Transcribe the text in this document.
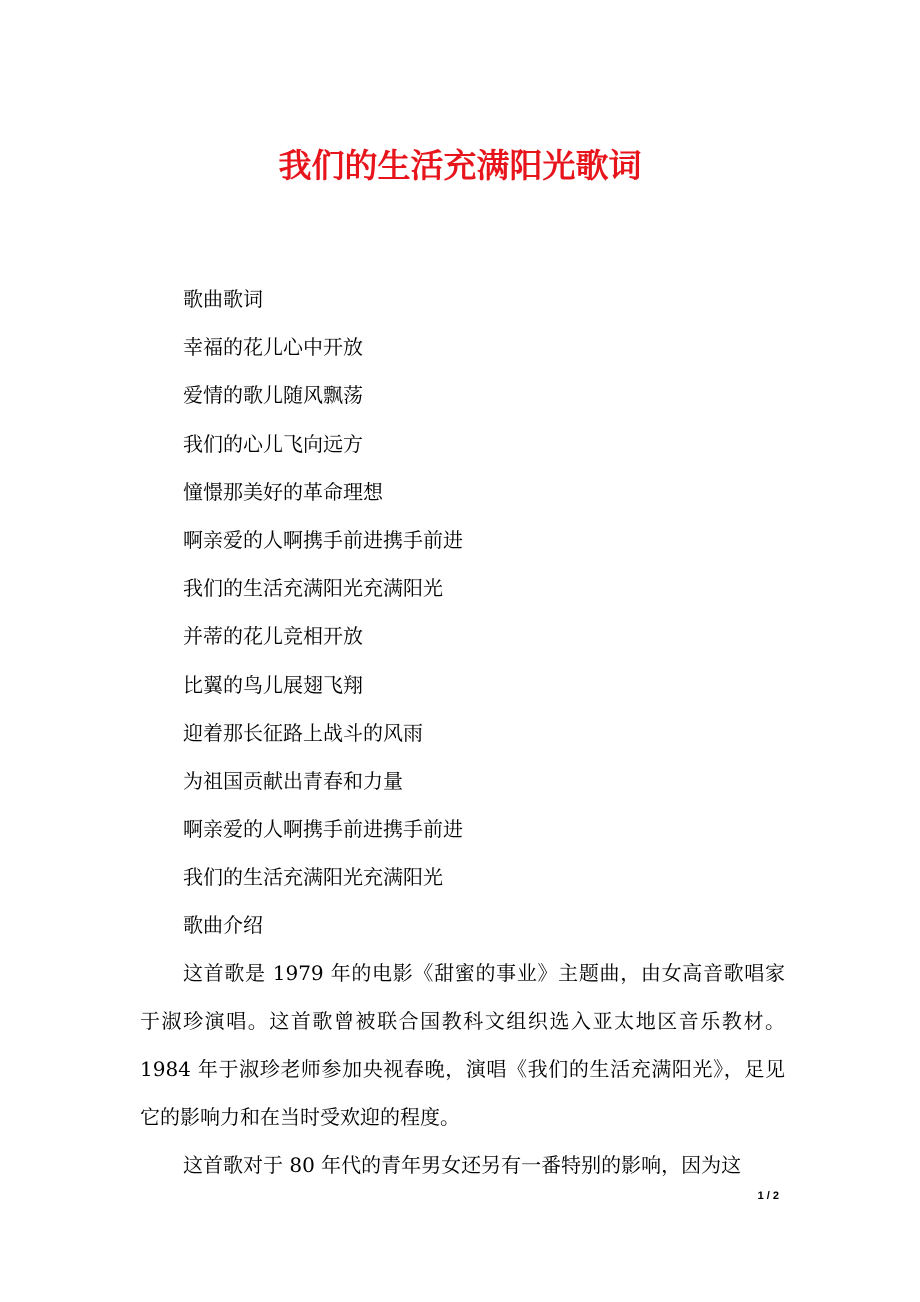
我们的生活充满阳光歌词
歌曲歌词
幸福的花儿心中开放
爱情的歌儿随风飘荡
我们的心儿飞向远方
憧憬那美好的革命理想
啊亲爱的人啊携手前进携手前进
我们的生活充满阳光充满阳光
并蒂的花儿竞相开放
比翼的鸟儿展翅飞翔
迎着那长征路上战斗的风雨
为祖国贡献出青春和力量
啊亲爱的人啊携手前进携手前进
我们的生活充满阳光充满阳光
歌曲介绍

这首歌是 1979 年的电影《甜蜜的事业》主题曲，由女高音歌唱家于淑珍演唱。这首歌曾被联合国教科文组织选入亚太地区音乐教材。1984 年于淑珍老师参加央视春晚，演唱《我们的生活充满阳光》，足见它的影响力和在当时受欢迎的程度。

这首歌对于 80 年代的青年男女还另有一番特别的影响，因为这

1 / 2
